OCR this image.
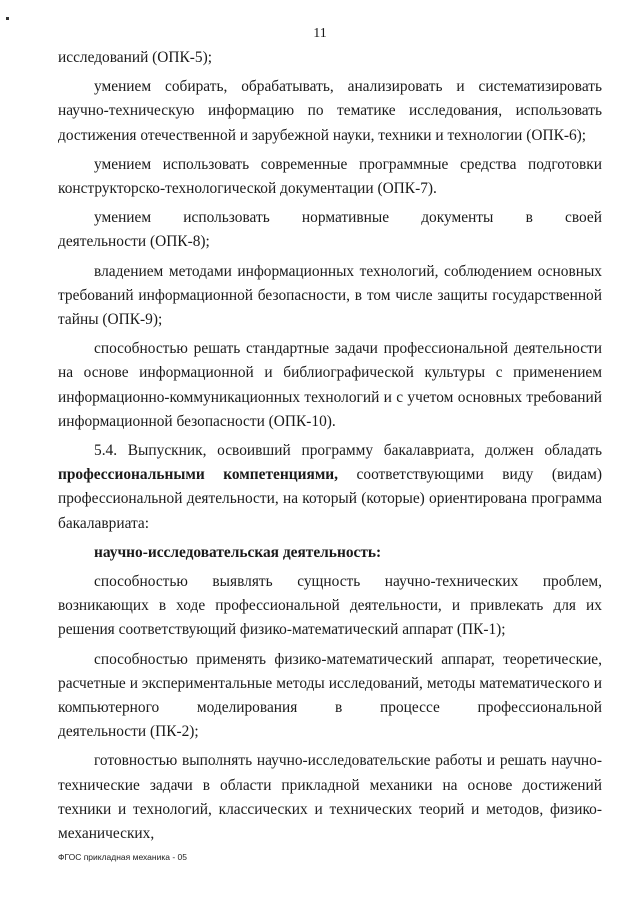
11

исследований (ОПК-5);

умением собирать, обрабатывать, анализировать и систематизировать научно-техническую информацию по тематике исследования, использовать достижения отечественной и зарубежной науки, техники и технологии (ОПК-6);

умением использовать современные программные средства подготовки конструкторско-технологической документации (ОПК-7).

умением использовать нормативные документы в своей
деятельности (ОПК-8);

владением методами информационных технологий, соблюдением основных требований информационной безопасности, в том числе защиты государственной тайны (ОПК-9);

способностью решать стандартные задачи профессиональной деятельности на основе информационной и библиографической культуры с применением информационно-коммуникационных технологий и с учетом основных требований информационной безопасности (ОПК-10).

5.4. Выпускник, освоивший программу бакалавриата, должен обладать профессиональными компетенциями, соответствующими виду (видам) профессиональной деятельности, на который (которые) ориентирована программа бакалавриата:

научно-исследовательская деятельность:

способностью выявлять сущность научно-технических проблем, возникающих в ходе профессиональной деятельности, и привлекать для их решения соответствующий физико-математический аппарат (ПК-1);

способностью применять физико-математический аппарат, теоретические, расчетные и экспериментальные методы исследований, методы математического и компьютерного моделирования в процессе профессиональной
деятельности (ПК-2);

готовностью выполнять научно-исследовательские работы и решать научно-технические задачи в области прикладной механики на основе достижений техники и технологий, классических и технических теорий и методов, физико-механических,

ФГОС прикладная механика - 05
